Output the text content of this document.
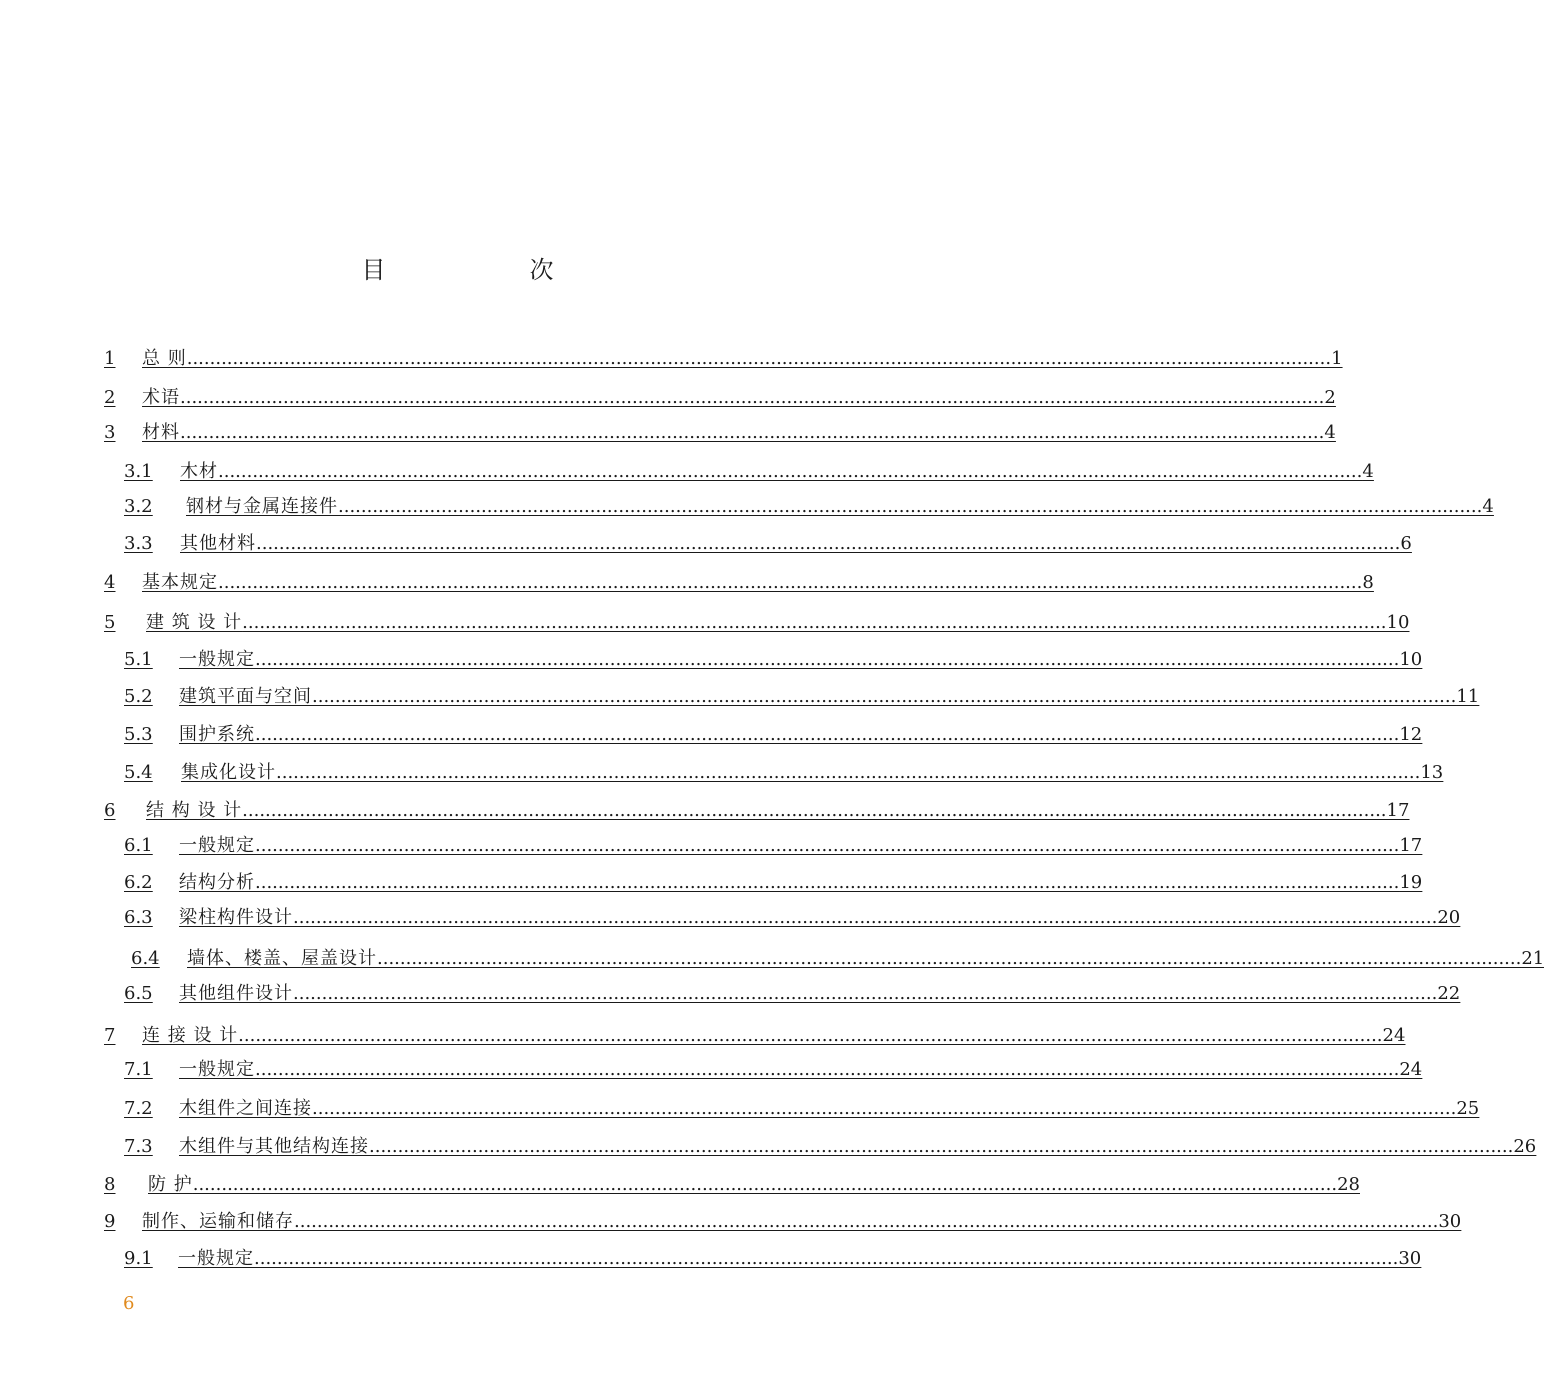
目　次
1	总 则 ........................................................................................................................................................................................................ 1
2	术语 ........................................................................................................................................................................................................ 2
3	材料 ........................................................................................................................................................................................................ 4
3.1	木材 ........................................................................................................................................................................................................ 4
3.2	钢材与金属连接件 ........................................................................................................................................................................................................ 4
3.3	其他材料 ........................................................................................................................................................................................................ 6
4	基本规定 ........................................................................................................................................................................................................ 8
5	建 筑 设 计 ........................................................................................................................................................................................................ 10
5.1	一般规定 ........................................................................................................................................................................................................ 10
5.2	建筑平面与空间 ........................................................................................................................................................................................................ 11
5.3	围护系统 ........................................................................................................................................................................................................ 12
5.4	集成化设计 ........................................................................................................................................................................................................ 13
6	结 构 设 计 ........................................................................................................................................................................................................ 17
6.1	一般规定 ........................................................................................................................................................................................................ 17
6.2	结构分析 ........................................................................................................................................................................................................ 19
6.3	梁柱构件设计 ........................................................................................................................................................................................................ 20
6.4	墙体、楼盖、屋盖设计 ........................................................................................................................................................................................................ 21
6.5	其他组件设计 ........................................................................................................................................................................................................ 22
7	连 接 设 计 ........................................................................................................................................................................................................ 24
7.1	一般规定 ........................................................................................................................................................................................................ 24
7.2	木组件之间连接 ........................................................................................................................................................................................................ 25
7.3	木组件与其他结构连接 ........................................................................................................................................................................................................ 26
8	防 护 ........................................................................................................................................................................................................ 28
9	制作、运输和储存 ........................................................................................................................................................................................................ 30
9.1	一般规定 ........................................................................................................................................................................................................ 30
6
